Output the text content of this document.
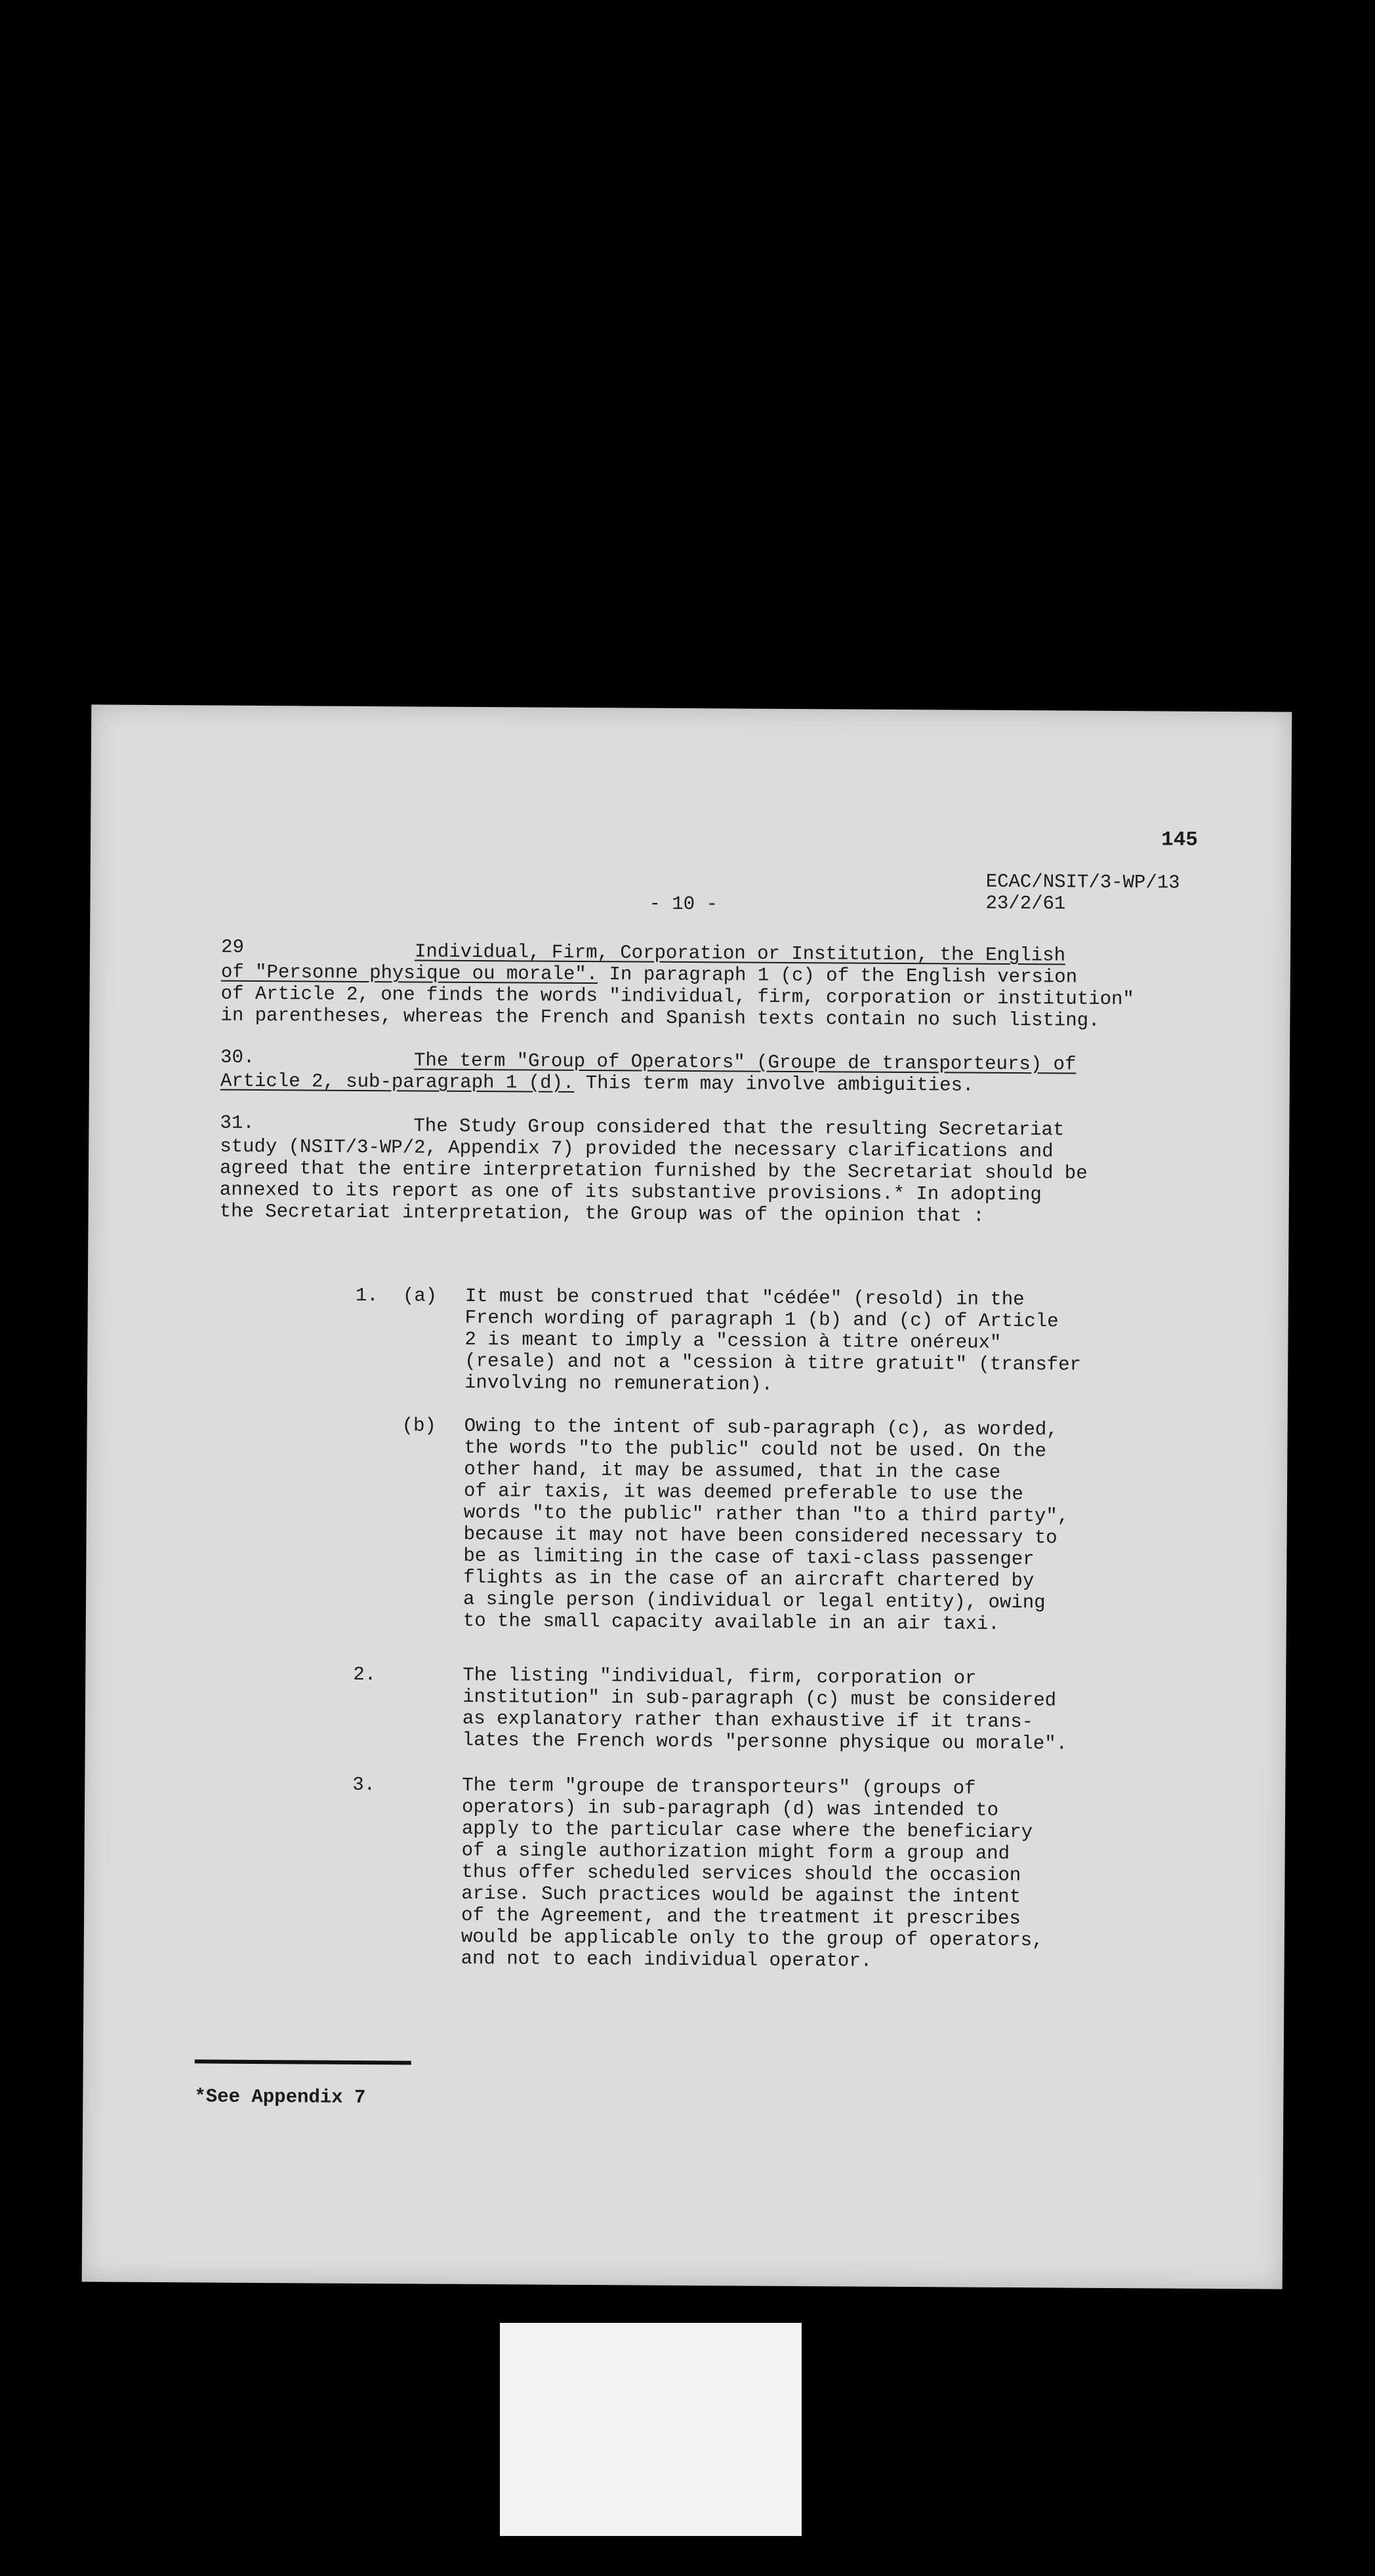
145
ECAC/NSIT/3-WP/13
- 10 -	23/2/61
29	Individual, Firm, Corporation or Institution, the English
of "Personne physique ou morale". In paragraph 1 (c) of the English version
of Article 2, one finds the words "individual, firm, corporation or institution"
in parentheses, whereas the French and Spanish texts contain no such listing.
30.	The term "Group of Operators" (Groupe de transporteurs) of
Article 2, sub-paragraph 1 (d). This term may involve ambiguities.
31.	The Study Group considered that the resulting Secretariat
study (NSIT/3-WP/2, Appendix 7) provided the necessary clarifications and
agreed that the entire interpretation furnished by the Secretariat should be
annexed to its report as one of its substantive provisions.* In adopting
the Secretariat interpretation, the Group was of the opinion that :
1. (a) It must be construed that "cédée" (resold) in the
French wording of paragraph 1 (b) and (c) of Article
2 is meant to imply a "cession à titre onéreux"
(resale) and not a "cession à titre gratuit" (transfer
involving no remuneration).
(b) Owing to the intent of sub-paragraph (c), as worded,
the words "to the public" could not be used. On the
other hand, it may be assumed, that in the case
of air taxis, it was deemed preferable to use the
words "to the public" rather than "to a third party",
because it may not have been considered necessary to
be as limiting in the case of taxi-class passenger
flights as in the case of an aircraft chartered by
a single person (individual or legal entity), owing
to the small capacity available in an air taxi.
2.	The listing "individual, firm, corporation or
institution" in sub-paragraph (c) must be considered
as explanatory rather than exhaustive if it trans-
lates the French words "personne physique ou morale".
3.	The term "groupe de transporteurs" (groups of
operators) in sub-paragraph (d) was intended to
apply to the particular case where the beneficiary
of a single authorization might form a group and
thus offer scheduled services should the occasion
arise. Such practices would be against the intent
of the Agreement, and the treatment it prescribes
would be applicable only to the group of operators,
and not to each individual operator.
*See Appendix 7
